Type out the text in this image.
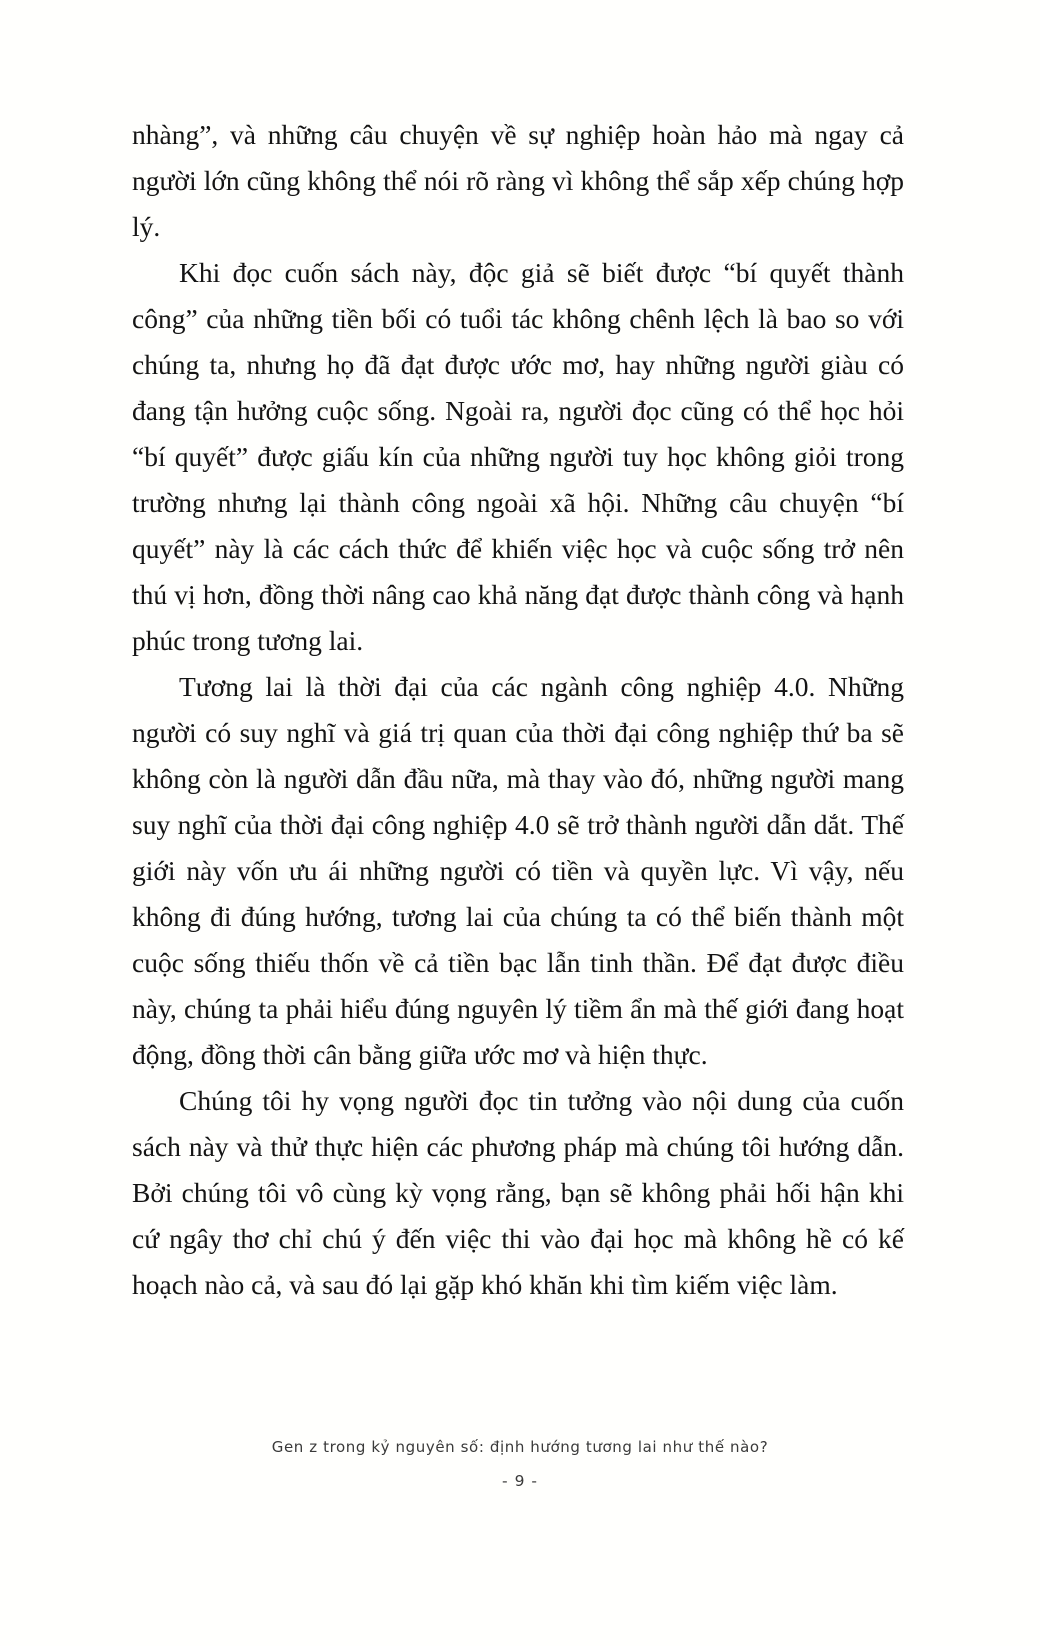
nhàng”, và những câu chuyện về sự nghiệp hoàn hảo mà ngay cả người lớn cũng không thể nói rõ ràng vì không thể sắp xếp chúng hợp lý.

Khi đọc cuốn sách này, độc giả sẽ biết được “bí quyết thành công” của những tiền bối có tuổi tác không chênh lệch là bao so với chúng ta, nhưng họ đã đạt được ước mơ, hay những người giàu có đang tận hưởng cuộc sống. Ngoài ra, người đọc cũng có thể học hỏi “bí quyết” được giấu kín của những người tuy học không giỏi trong trường nhưng lại thành công ngoài xã hội. Những câu chuyện “bí quyết” này là các cách thức để khiến việc học và cuộc sống trở nên thú vị hơn, đồng thời nâng cao khả năng đạt được thành công và hạnh phúc trong tương lai.

Tương lai là thời đại của các ngành công nghiệp 4.0. Những người có suy nghĩ và giá trị quan của thời đại công nghiệp thứ ba sẽ không còn là người dẫn đầu nữa, mà thay vào đó, những người mang suy nghĩ của thời đại công nghiệp 4.0 sẽ trở thành người dẫn dắt. Thế giới này vốn ưu ái những người có tiền và quyền lực. Vì vậy, nếu không đi đúng hướng, tương lai của chúng ta có thể biến thành một cuộc sống thiếu thốn về cả tiền bạc lẫn tinh thần. Để đạt được điều này, chúng ta phải hiểu đúng nguyên lý tiềm ẩn mà thế giới đang hoạt động, đồng thời cân bằng giữa ước mơ và hiện thực.

Chúng tôi hy vọng người đọc tin tưởng vào nội dung của cuốn sách này và thử thực hiện các phương pháp mà chúng tôi hướng dẫn. Bởi chúng tôi vô cùng kỳ vọng rằng, bạn sẽ không phải hối hận khi cứ ngây thơ chỉ chú ý đến việc thi vào đại học mà không hề có kế hoạch nào cả, và sau đó lại gặp khó khăn khi tìm kiếm việc làm.

Gen z trong kỷ nguyên số: định hướng tương lai như thế nào?

- 9 -
